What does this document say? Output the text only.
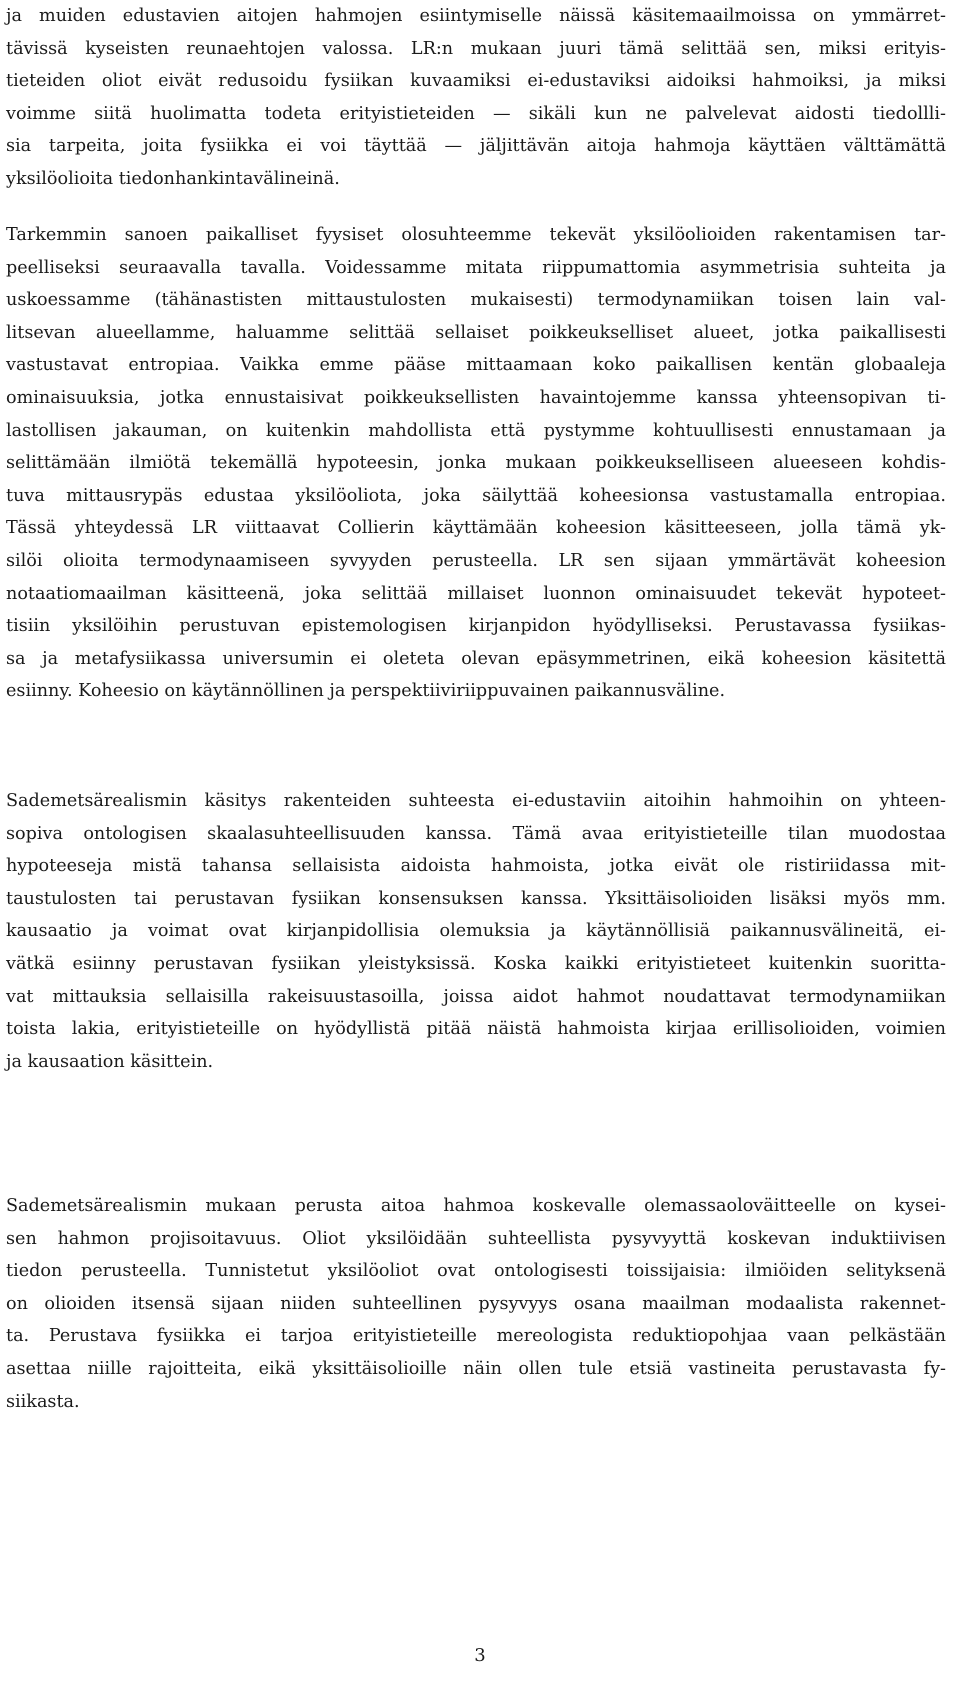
ja muiden edustavien aitojen hahmojen esiintymiselle näissä käsitemaailmoissa on ymmärret-
tävissä kyseisten reunaehtojen valossa. LR:n mukaan juuri tämä selittää sen, miksi erityis-
tieteiden oliot eivät redusoidu fysiikan kuvaamiksi ei-edustaviksi aidoiksi hahmoiksi, ja miksi
voimme siitä huolimatta todeta erityistieteiden — sikäli kun ne palvelevat aidosti tiedollli-
sia tarpeita, joita fysiikka ei voi täyttää — jäljittävän aitoja hahmoja käyttäen välttämättä
yksilöolioita tiedonhankintavälineinä.
Tarkemmin sanoen paikalliset fyysiset olosuhteemme tekevät yksilöolioiden rakentamisen tar-
peelliseksi seuraavalla tavalla. Voidessamme mitata riippumattomia asymmetrisia suhteita ja
uskoessamme (tähänastisten mittaustulosten mukaisesti) termodynamiikan toisen lain val-
litsevan alueellamme, haluamme selittää sellaiset poikkeukselliset alueet, jotka paikallisesti
vastustavat entropiaa. Vaikka emme pääse mittaamaan koko paikallisen kentän globaaleja
ominaisuuksia, jotka ennustaisivat poikkeuksellisten havaintojemme kanssa yhteensopivan ti-
lastollisen jakauman, on kuitenkin mahdollista että pystymme kohtuullisesti ennustamaan ja
selittämään ilmiötä tekemällä hypoteesin, jonka mukaan poikkeukselliseen alueeseen kohdis-
tuva mittausrypäs edustaa yksilöoliota, joka säilyttää koheesionsa vastustamalla entropiaa.
Tässä yhteydessä LR viittaavat Collierin käyttämään koheesion käsitteeseen, jolla tämä yk-
silöi olioita termodynaamiseen syvyyden perusteella. LR sen sijaan ymmärtävät koheesion
notaatiomaailman käsitteenä, joka selittää millaiset luonnon ominaisuudet tekevät hypoteet-
tisiin yksilöihin perustuvan epistemologisen kirjanpidon hyödylliseksi. Perustavassa fysiikas-
sa ja metafysiikassa universumin ei oleteta olevan epäsymmetrinen, eikä koheesion käsitettä
esiinny. Koheesio on käytännöllinen ja perspektiiviriippuvainen paikannusväline.
Sademetsärealismin käsitys rakenteiden suhteesta ei-edustaviin aitoihin hahmoihin on yhteen-
sopiva ontologisen skaalasuhteellisuuden kanssa. Tämä avaa erityistieteille tilan muodostaa
hypoteeseja mistä tahansa sellaisista aidoista hahmoista, jotka eivät ole ristiriidassa mit-
taustulosten tai perustavan fysiikan konsensuksen kanssa. Yksittäisolioiden lisäksi myös mm.
kausaatio ja voimat ovat kirjanpidollisia olemuksia ja käytännöllisiä paikannusvälineitä, ei-
vätkä esiinny perustavan fysiikan yleistyksissä. Koska kaikki erityistieteet kuitenkin suoritta-
vat mittauksia sellaisilla rakeisuustasoilla, joissa aidot hahmot noudattavat termodynamiikan
toista lakia, erityistieteille on hyödyllistä pitää näistä hahmoista kirjaa erillisolioiden, voimien
ja kausaation käsittein.
Sademetsärealismin mukaan perusta aitoa hahmoa koskevalle olemassaoloväitteelle on kysei-
sen hahmon projisoitavuus. Oliot yksilöidään suhteellista pysyvyyttä koskevan induktiivisen
tiedon perusteella. Tunnistetut yksilöoliot ovat ontologisesti toissijaisia: ilmiöiden selityksenä
on olioiden itsensä sijaan niiden suhteellinen pysyvyys osana maailman modaalista rakennet-
ta. Perustava fysiikka ei tarjoa erityistieteille mereologista reduktiopohjaa vaan pelkästään
asettaa niille rajoitteita, eikä yksittäisolioille näin ollen tule etsiä vastineita perustavasta fy-
siikasta.
3
